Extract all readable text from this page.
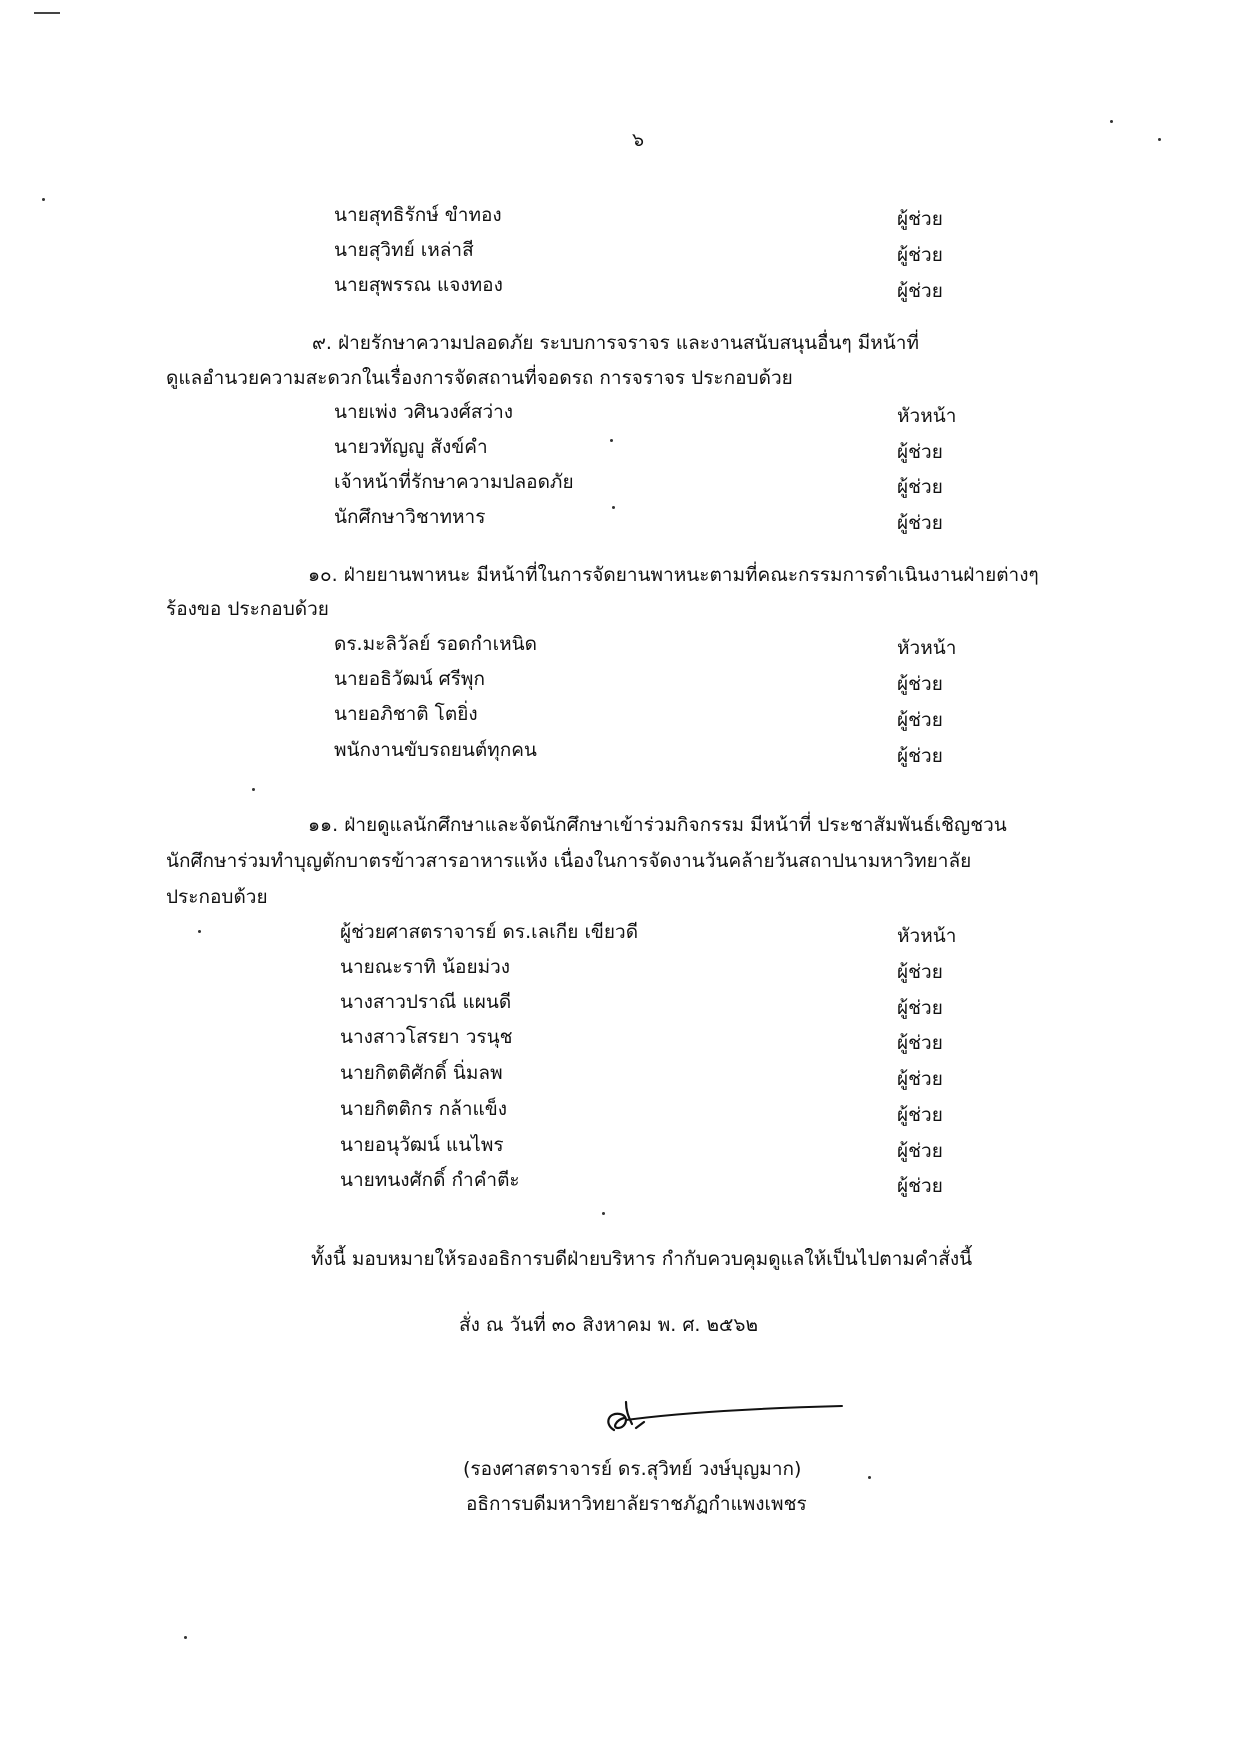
๖
นายสุทธิรักษ์ ขำทอง	ผู้ช่วย
นายสุวิทย์ เหล่าสี	ผู้ช่วย
นายสุพรรณ แจงทอง	ผู้ช่วย
๙. ฝ่ายรักษาความปลอดภัย ระบบการจราจร และงานสนับสนุนอื่นๆ มีหน้าที่
ดูแลอำนวยความสะดวกในเรื่องการจัดสถานที่จอดรถ การจราจร ประกอบด้วย
นายเพ่ง วศินวงศ์สว่าง	หัวหน้า
นายวทัญญู สังข์คำ	ผู้ช่วย
เจ้าหน้าที่รักษาความปลอดภัย	ผู้ช่วย
นักศึกษาวิชาทหาร	ผู้ช่วย
๑๐. ฝ่ายยานพาหนะ มีหน้าที่ในการจัดยานพาหนะตามที่คณะกรรมการดำเนินงานฝ่ายต่างๆ
ร้องขอ ประกอบด้วย
ดร.มะลิวัลย์ รอดกำเหนิด	หัวหน้า
นายอธิวัฒน์ ศรีพุก	ผู้ช่วย
นายอภิชาติ โตยิ่ง	ผู้ช่วย
พนักงานขับรถยนต์ทุกคน	ผู้ช่วย
๑๑. ฝ่ายดูแลนักศึกษาและจัดนักศึกษาเข้าร่วมกิจกรรม มีหน้าที่ ประชาสัมพันธ์เชิญชวน
นักศึกษาร่วมทำบุญตักบาตรข้าวสารอาหารแห้ง เนื่องในการจัดงานวันคล้ายวันสถาปนามหาวิทยาลัย
ประกอบด้วย
ผู้ช่วยศาสตราจารย์ ดร.เลเกีย เขียวดี	หัวหน้า
นายณะราทิ น้อยม่วง	ผู้ช่วย
นางสาวปราณี แผนดี	ผู้ช่วย
นางสาวโสรยา วรนุช	ผู้ช่วย
นายกิตติศักดิ์ นิ่มลพ	ผู้ช่วย
นายกิตติกร กล้าแข็ง	ผู้ช่วย
นายอนุวัฒน์ แนไพร	ผู้ช่วย
นายทนงศักดิ์ กำคำตีะ	ผู้ช่วย
ทั้งนี้ มอบหมายให้รองอธิการบดีฝ่ายบริหาร กำกับควบคุมดูแลให้เป็นไปตามคำสั่งนี้
สั่ง ณ วันที่ ๓๐ สิงหาคม พ. ศ. ๒๕๖๒
(รองศาสตราจารย์ ดร.สุวิทย์ วงษ์บุญมาก)
อธิการบดีมหาวิทยาลัยราชภัฏกำแพงเพชร
